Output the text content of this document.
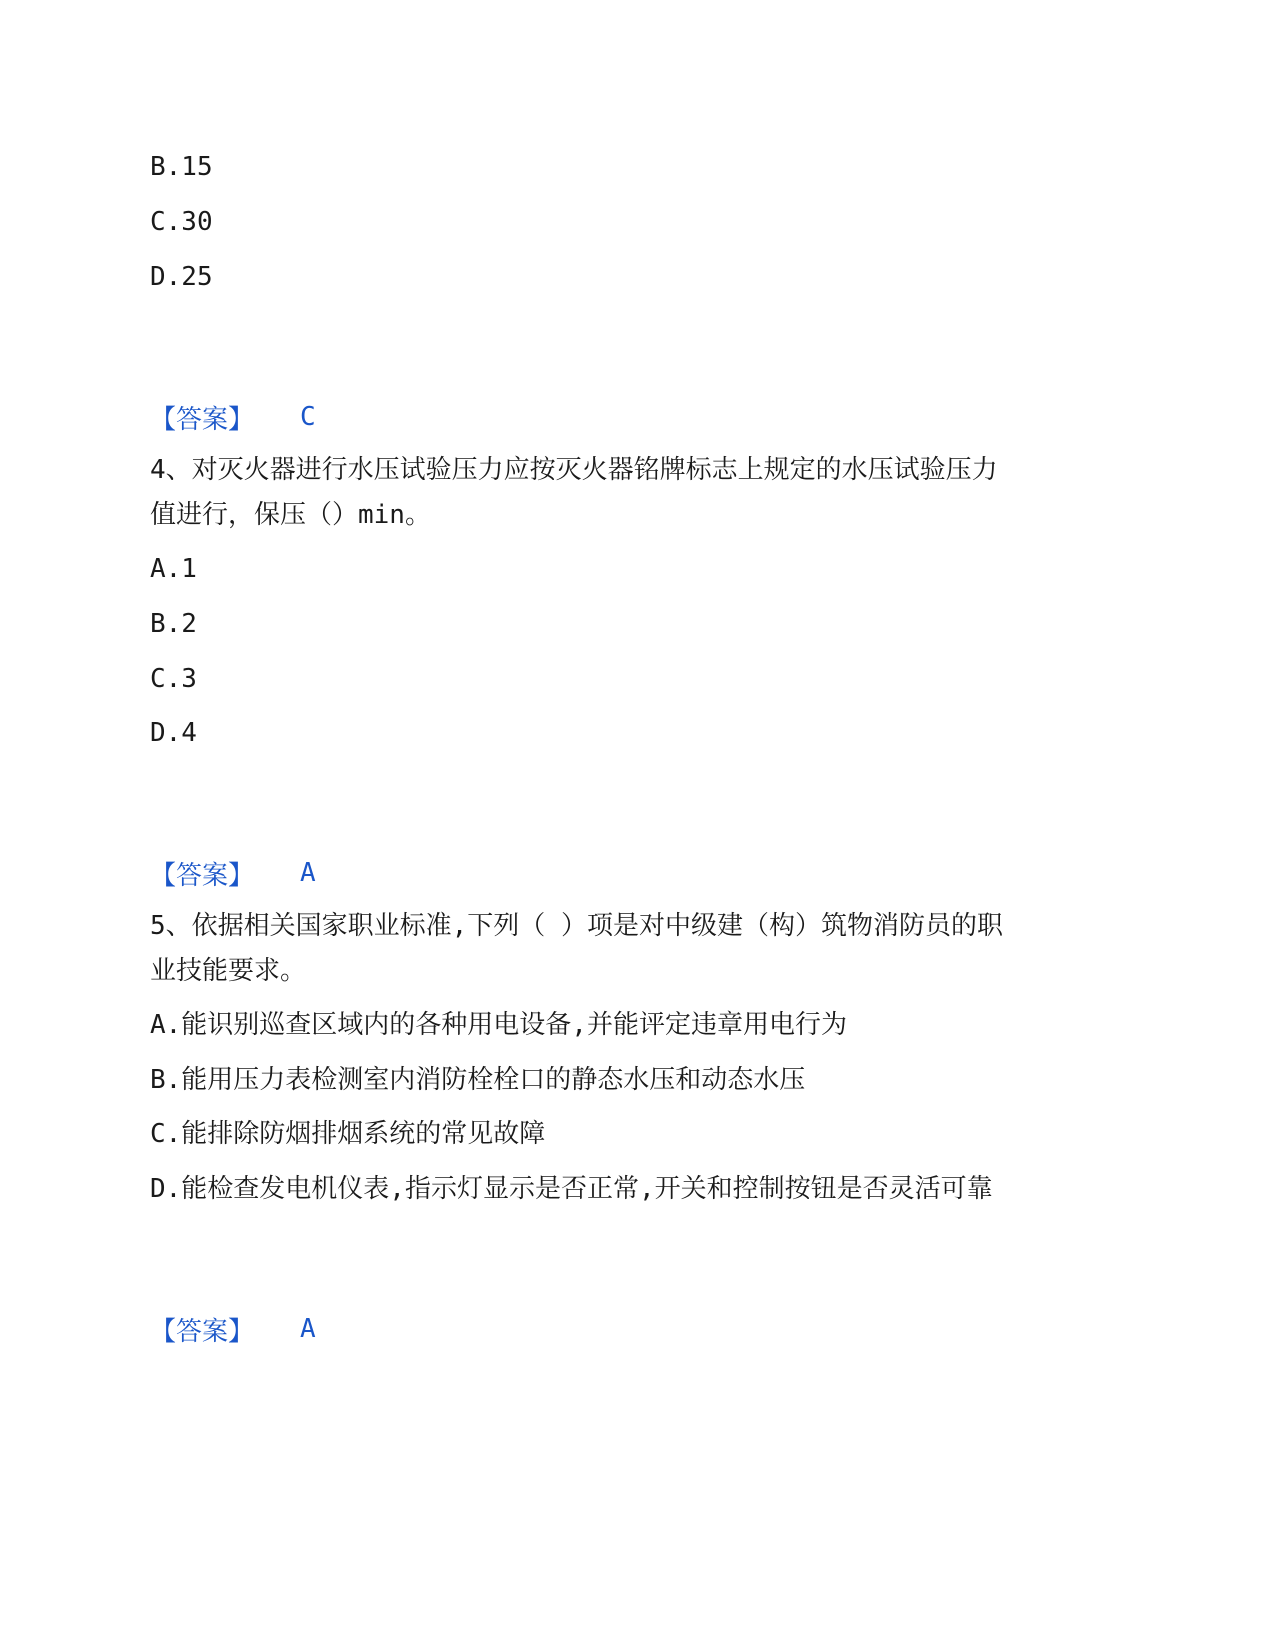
B.15
C.30
D.25
【答案】	C
4、对灭火器进行水压试验压力应按灭火器铭牌标志上规定的水压试验压力
值进行，保压（）min。
A.1
B.2
C.3
D.4
【答案】	A
5、依据相关国家职业标准,下列（ ）项是对中级建（构）筑物消防员的职
业技能要求。
A.能识别巡查区域内的各种用电设备,并能评定违章用电行为
B.能用压力表检测室内消防栓栓口的静态水压和动态水压
C.能排除防烟排烟系统的常见故障
D.能检查发电机仪表,指示灯显示是否正常,开关和控制按钮是否灵活可靠
【答案】	A
